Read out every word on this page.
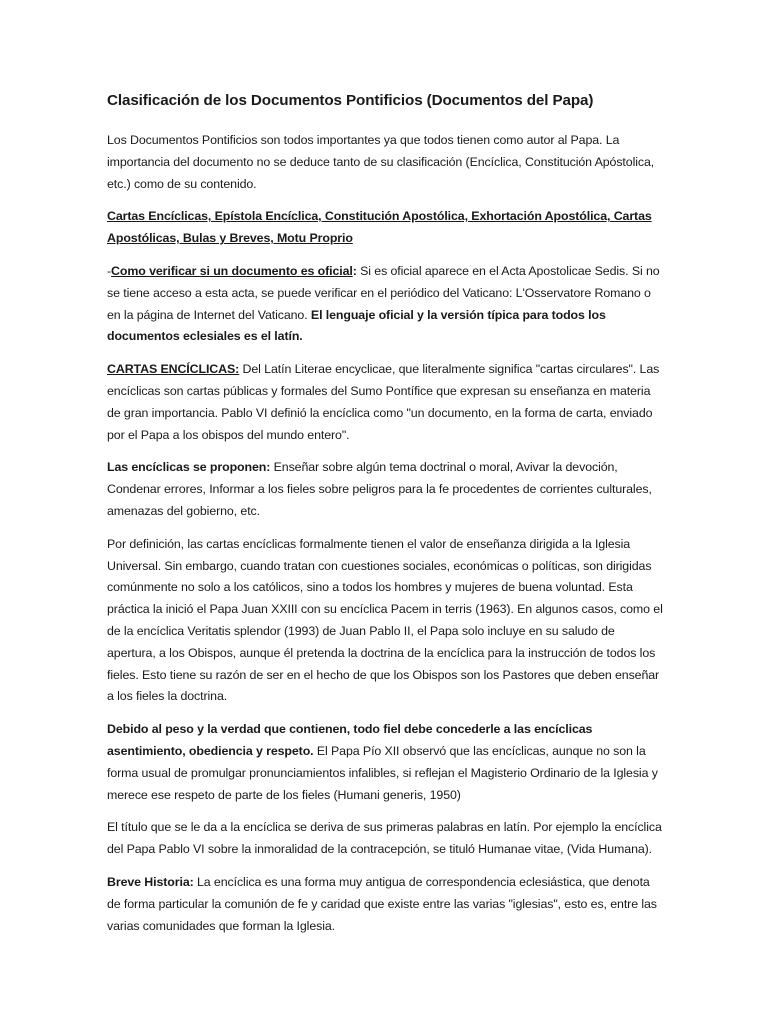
Clasificación de los Documentos Pontificios (Documentos del Papa)

Los Documentos Pontificios son todos importantes ya que todos tienen como autor al Papa. La importancia del documento no se deduce tanto de su clasificación (Encíclica, Constitución Apóstolica, etc.) como de su contenido.

Cartas Encíclicas, Epístola Encíclica, Constitución Apostólica, Exhortación Apostólica, Cartas Apostólicas, Bulas y Breves, Motu Proprio

-Como verificar si un documento es oficial: Si es oficial aparece en el Acta Apostolicae Sedis. Si no se tiene acceso a esta acta, se puede verificar en el periódico del Vaticano: L'Osservatore Romano o en la página de Internet del Vaticano. El lenguaje oficial y la versión típica para todos los documentos eclesiales es el latín.

CARTAS ENCÍCLICAS: Del Latín Literae encyclicae, que literalmente significa "cartas circulares". Las encíclicas son cartas públicas y formales del Sumo Pontífice que expresan su enseñanza en materia de gran importancia. Pablo VI definió la encíclica como "un documento, en la forma de carta, enviado por el Papa a los obispos del mundo entero".

Las encíclicas se proponen: Enseñar sobre algún tema doctrinal o moral, Avivar la devoción, Condenar errores, Informar a los fieles sobre peligros para la fe procedentes de corrientes culturales, amenazas del gobierno, etc.

Por definición, las cartas encíclicas formalmente tienen el valor de enseñanza dirigida a la Iglesia Universal. Sin embargo, cuando tratan con cuestiones sociales, económicas o políticas, son dirigidas comúnmente no solo a los católicos, sino a todos los hombres y mujeres de buena voluntad. Esta práctica la inició el Papa Juan XXIII con su encíclica Pacem in terris (1963). En algunos casos, como el de la encíclica Veritatis splendor (1993) de Juan Pablo II, el Papa solo incluye en su saludo de apertura, a los Obispos, aunque él pretenda la doctrina de la encíclica para la instrucción de todos los fieles. Esto tiene su razón de ser en el hecho de que los Obispos son los Pastores que deben enseñar a los fieles la doctrina.

Debido al peso y la verdad que contienen, todo fiel debe concederle a las encíclicas asentimiento, obediencia y respeto. El Papa Pío XII observó que las encíclicas, aunque no son la forma usual de promulgar pronunciamientos infalibles, si reflejan el Magisterio Ordinario de la Iglesia y merece ese respeto de parte de los fieles (Humani generis, 1950)

El título que se le da a la encíclica se deriva de sus primeras palabras en latín. Por ejemplo la encíclica del Papa Pablo VI sobre la inmoralidad de la contracepción, se tituló Humanae vitae, (Vida Humana).

Breve Historia: La encíclica es una forma muy antigua de correspondencia eclesiástica, que denota de forma particular la comunión de fe y caridad que existe entre las varias "iglesias", esto es, entre las varias comunidades que forman la Iglesia.
